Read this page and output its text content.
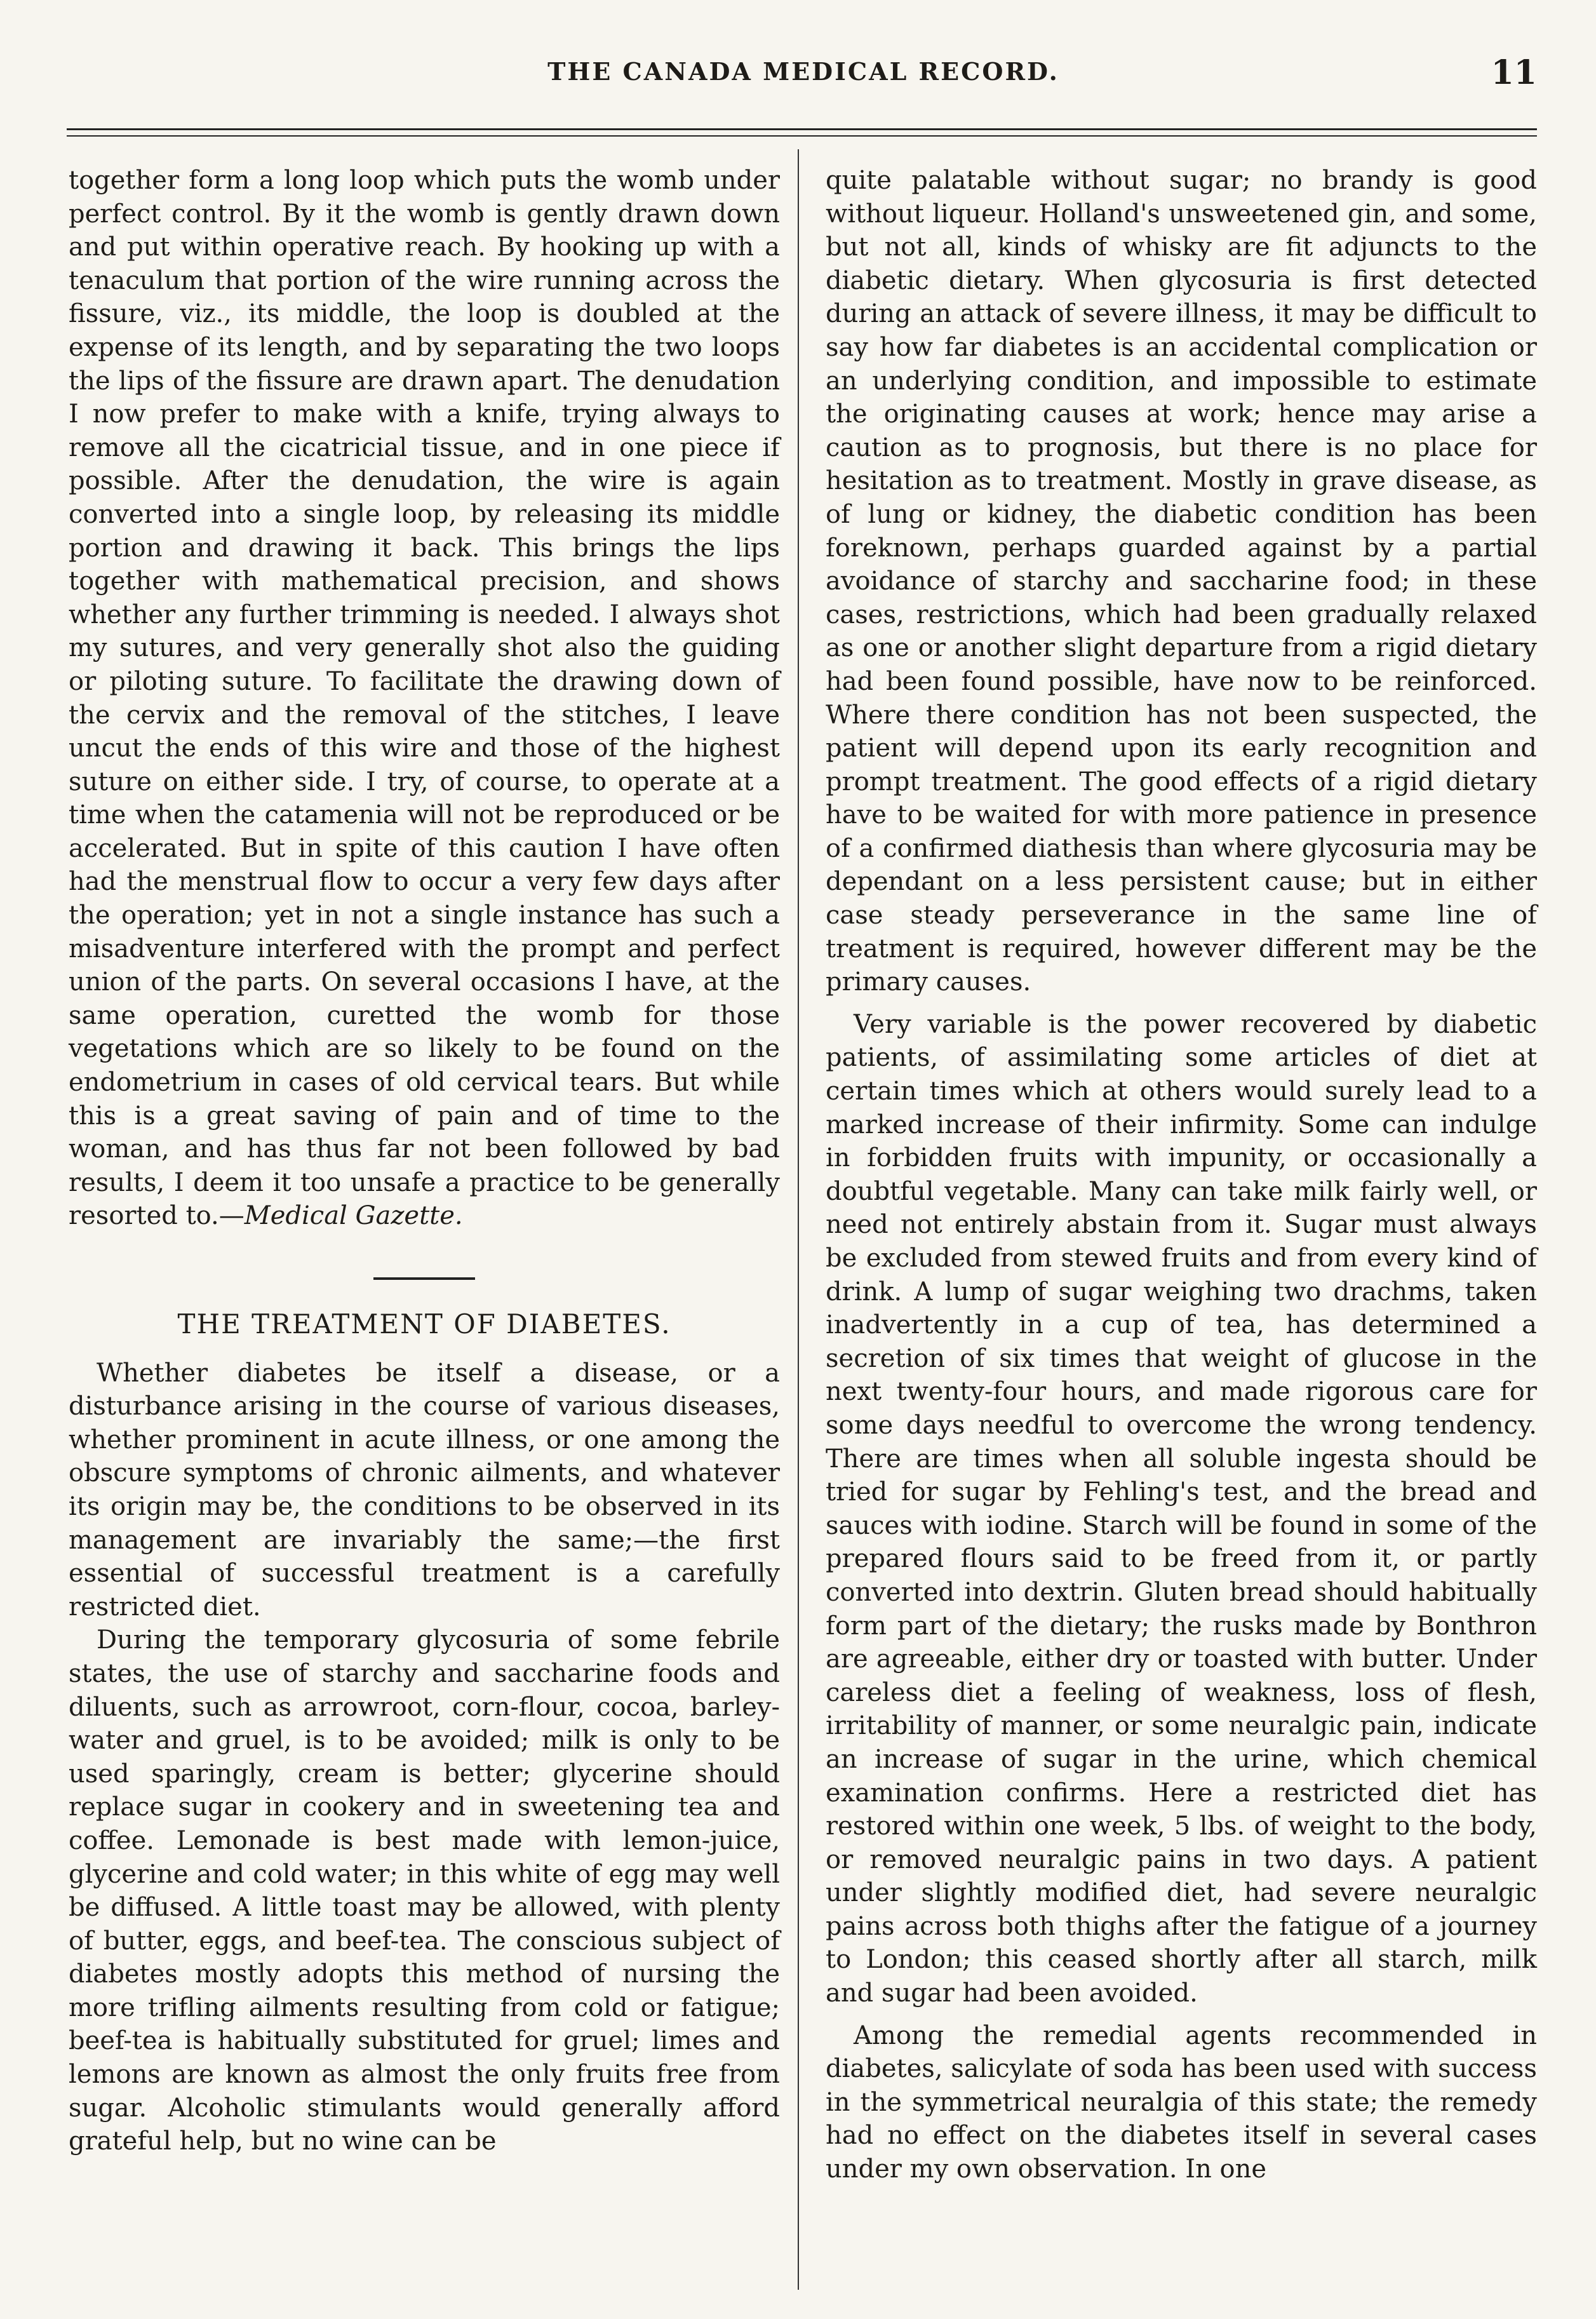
THE CANADA MEDICAL RECORD.	11

together form a long loop which puts the womb under perfect control. By it the womb is gently drawn down and put within operative reach. By hooking up with a tenaculum that portion of the wire running across the fissure, viz., its middle, the loop is doubled at the expense of its length, and by separating the two loops the lips of the fissure are drawn apart. The denudation I now prefer to make with a knife, trying always to remove all the cicatricial tissue, and in one piece if possible. After the denudation, the wire is again converted into a single loop, by releasing its middle portion and drawing it back. This brings the lips together with mathematical precision, and shows whether any further trimming is needed. I always shot my sutures, and very generally shot also the guiding or piloting suture. To facilitate the drawing down of the cervix and the removal of the stitches, I leave uncut the ends of this wire and those of the highest suture on either side. I try, of course, to operate at a time when the catamenia will not be reproduced or be accelerated. But in spite of this caution I have often had the menstrual flow to occur a very few days after the operation; yet in not a single instance has such a misadventure interfered with the prompt and perfect union of the parts. On several occasions I have, at the same operation, curetted the womb for those vegetations which are so likely to be found on the endometrium in cases of old cervical tears. But while this is a great saving of pain and of time to the woman, and has thus far not been followed by bad results, I deem it too unsafe a practice to be generally resorted to.—Medical Gazette.

THE TREATMENT OF DIABETES.

Whether diabetes be itself a disease, or a disturbance arising in the course of various diseases, whether prominent in acute illness, or one among the obscure symptoms of chronic ailments, and whatever its origin may be, the conditions to be observed in its management are invariably the same;—the first essential of successful treatment is a carefully restricted diet.

During the temporary glycosuria of some febrile states, the use of starchy and saccharine foods and diluents, such as arrowroot, corn-flour, cocoa, barley-water and gruel, is to be avoided; milk is only to be used sparingly, cream is better; glycerine should replace sugar in cookery and in sweetening tea and coffee. Lemonade is best made with lemon-juice, glycerine and cold water; in this white of egg may well be diffused. A little toast may be allowed, with plenty of butter, eggs, and beef-tea. The conscious subject of diabetes mostly adopts this method of nursing the more trifling ailments resulting from cold or fatigue; beef-tea is habitually substituted for gruel; limes and lemons are known as almost the only fruits free from sugar. Alcoholic stimulants would generally afford grateful help, but no wine can be

quite palatable without sugar; no brandy is good without liqueur. Holland's unsweetened gin, and some, but not all, kinds of whisky are fit adjuncts to the diabetic dietary. When glycosuria is first detected during an attack of severe illness, it may be difficult to say how far diabetes is an accidental complication or an underlying condition, and impossible to estimate the originating causes at work; hence may arise a caution as to prognosis, but there is no place for hesitation as to treatment. Mostly in grave disease, as of lung or kidney, the diabetic condition has been foreknown, perhaps guarded against by a partial avoidance of starchy and saccharine food; in these cases, restrictions, which had been gradually relaxed as one or another slight departure from a rigid dietary had been found possible, have now to be reinforced. Where there condition has not been suspected, the patient will depend upon its early recognition and prompt treatment. The good effects of a rigid dietary have to be waited for with more patience in presence of a confirmed diathesis than where glycosuria may be dependant on a less persistent cause; but in either case steady perseverance in the same line of treatment is required, however different may be the primary causes.

Very variable is the power recovered by diabetic patients, of assimilating some articles of diet at certain times which at others would surely lead to a marked increase of their infirmity. Some can indulge in forbidden fruits with impunity, or occasionally a doubtful vegetable. Many can take milk fairly well, or need not entirely abstain from it. Sugar must always be excluded from stewed fruits and from every kind of drink. A lump of sugar weighing two drachms, taken inadvertently in a cup of tea, has determined a secretion of six times that weight of glucose in the next twenty-four hours, and made rigorous care for some days needful to overcome the wrong tendency. There are times when all soluble ingesta should be tried for sugar by Fehling's test, and the bread and sauces with iodine. Starch will be found in some of the prepared flours said to be freed from it, or partly converted into dextrin. Gluten bread should habitually form part of the dietary; the rusks made by Bonthron are agreeable, either dry or toasted with butter. Under careless diet a feeling of weakness, loss of flesh, irritability of manner, or some neuralgic pain, indicate an increase of sugar in the urine, which chemical examination confirms. Here a restricted diet has restored within one week, 5 lbs. of weight to the body, or removed neuralgic pains in two days. A patient under slightly modified diet, had severe neuralgic pains across both thighs after the fatigue of a journey to London; this ceased shortly after all starch, milk and sugar had been avoided.

Among the remedial agents recommended in diabetes, salicylate of soda has been used with success in the symmetrical neuralgia of this state; the remedy had no effect on the diabetes itself in several cases under my own observation. In one
